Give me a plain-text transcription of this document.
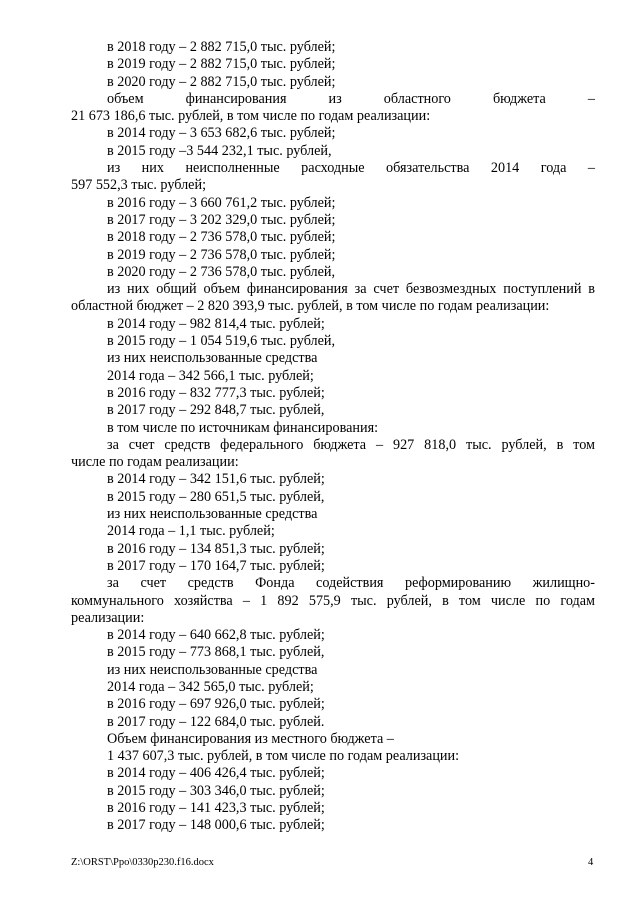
в 2018 году – 2 882 715,0 тыс. рублей;
в 2019 году – 2 882 715,0 тыс. рублей;
в 2020 году – 2 882 715,0 тыс. рублей;
объем финансирования из областного бюджета –
21 673 186,6 тыс. рублей, в том числе по годам реализации:
в 2014 году – 3 653 682,6 тыс. рублей;
в 2015 году –3 544 232,1 тыс. рублей,
из них неисполненные расходные обязательства 2014 года –
597 552,3 тыс. рублей;
в 2016 году – 3 660 761,2 тыс. рублей;
в 2017 году – 3 202 329,0 тыс. рублей;
в 2018 году – 2 736 578,0 тыс. рублей;
в 2019 году – 2 736 578,0 тыс. рублей;
в 2020 году – 2 736 578,0 тыс. рублей,
из них общий объем финансирования за счет безвозмездных поступлений в
областной бюджет – 2 820 393,9 тыс. рублей, в том числе по годам реализации:
в 2014 году – 982 814,4 тыс. рублей;
в 2015 году – 1 054 519,6 тыс. рублей,
из них неиспользованные средства
2014 года – 342 566,1 тыс. рублей;
в 2016 году – 832 777,3 тыс. рублей;
в 2017 году – 292 848,7 тыс. рублей,
в том числе по источникам финансирования:
за счет средств федерального бюджета – 927 818,0 тыс. рублей, в том
числе по годам реализации:
в 2014 году – 342 151,6 тыс. рублей;
в 2015 году – 280 651,5 тыс. рублей,
из них неиспользованные средства
2014 года – 1,1 тыс. рублей;
в 2016 году – 134 851,3 тыс. рублей;
в 2017 году – 170 164,7 тыс. рублей;
за счет средств Фонда содействия реформированию жилищно-
коммунального хозяйства – 1 892 575,9 тыс. рублей, в том числе по годам
реализации:
в 2014 году – 640 662,8 тыс. рублей;
в 2015 году – 773 868,1 тыс. рублей,
из них неиспользованные средства
2014 года – 342 565,0 тыс. рублей;
в 2016 году – 697 926,0 тыс. рублей;
в 2017 году – 122 684,0 тыс. рублей.
Объем финансирования из местного бюджета –
1 437 607,3 тыс. рублей, в том числе по годам реализации:
в 2014 году – 406 426,4 тыс. рублей;
в 2015 году – 303 346,0 тыс. рублей;
в 2016 году – 141 423,3 тыс. рублей;
в 2017 году – 148 000,6 тыс. рублей;
Z:\ORST\Ppo\0330p230.f16.docx	4
